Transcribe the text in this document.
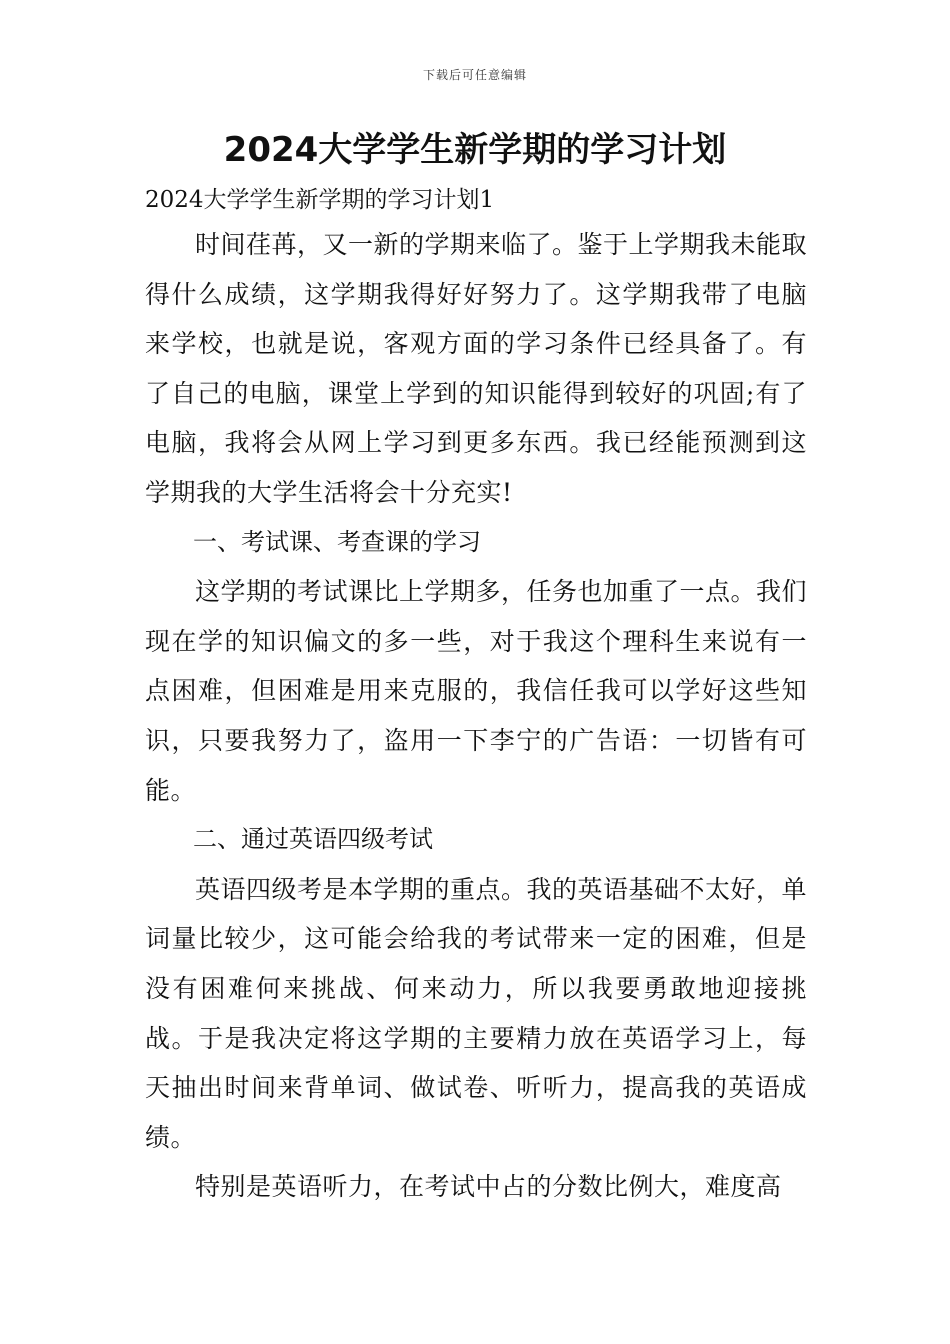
下载后可任意编辑
2024大学学生新学期的学习计划

2024大学学生新学期的学习计划1

时间荏苒，又一新的学期来临了。鉴于上学期我未能取得什么成绩，这学期我得好好努力了。这学期我带了电脑来学校，也就是说，客观方面的学习条件已经具备了。有了自己的电脑，课堂上学到的知识能得到较好的巩固;有了电脑，我将会从网上学习到更多东西。我已经能预测到这学期我的大学生活将会十分充实!

一、考试课、考查课的学习

这学期的考试课比上学期多，任务也加重了一点。我们现在学的知识偏文的多一些，对于我这个理科生来说有一点困难，但困难是用来克服的，我信任我可以学好这些知识，只要我努力了，盗用一下李宁的广告语：一切皆有可能。

二、通过英语四级考试

英语四级考是本学期的重点。我的英语基础不太好，单词量比较少，这可能会给我的考试带来一定的困难，但是没有困难何来挑战、何来动力，所以我要勇敢地迎接挑战。于是我决定将这学期的主要精力放在英语学习上，每天抽出时间来背单词、做试卷、听听力，提高我的英语成绩。

特别是英语听力，在考试中占的分数比例大，难度高
